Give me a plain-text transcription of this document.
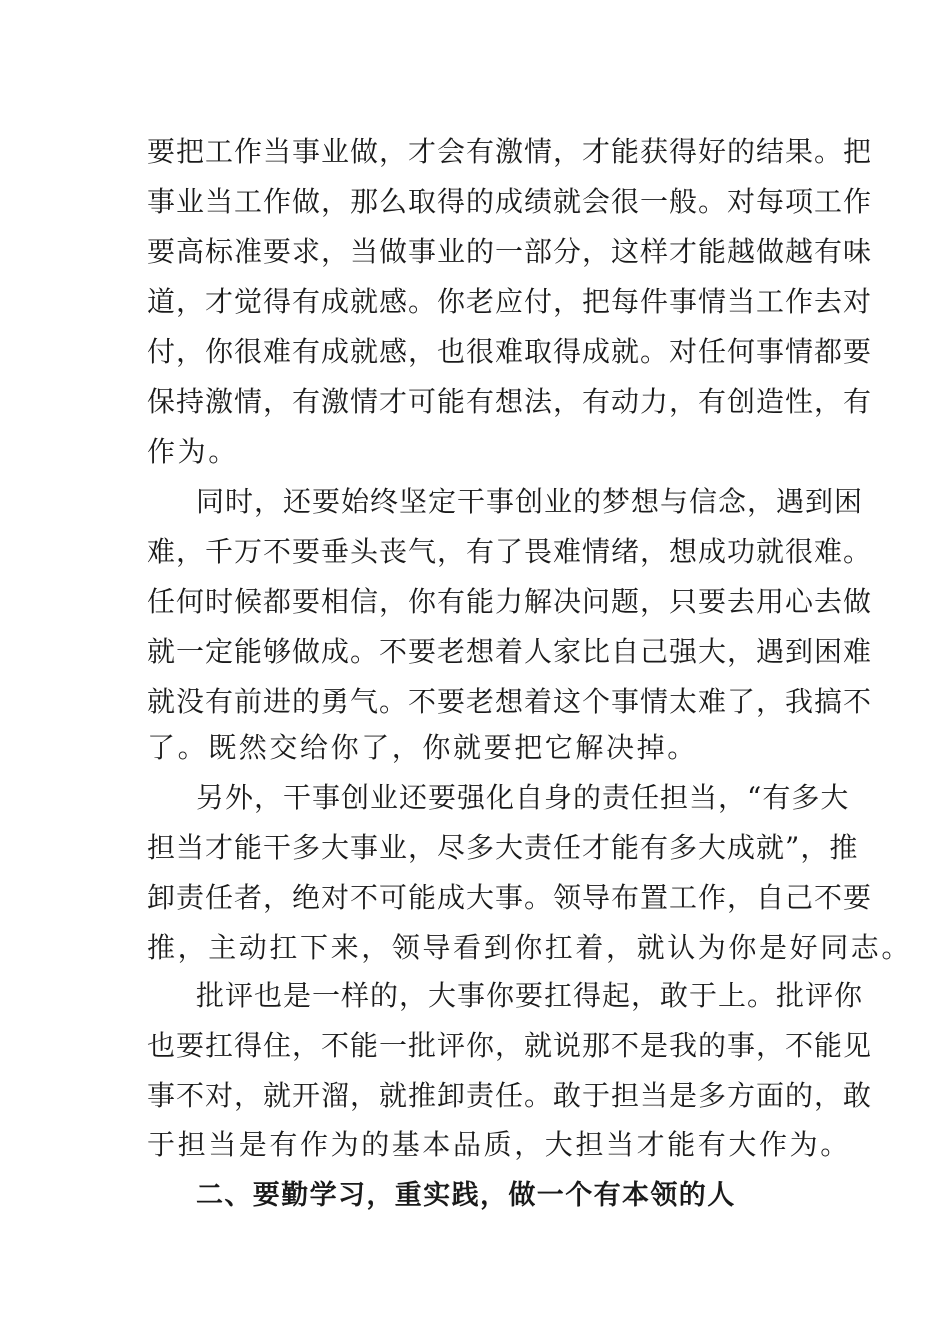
要把工作当事业做，才会有激情，才能获得好的结果。把
事业当工作做，那么取得的成绩就会很一般。对每项工作
要高标准要求，当做事业的一部分，这样才能越做越有味
道，才觉得有成就感。你老应付，把每件事情当工作去对
付，你很难有成就感，也很难取得成就。对任何事情都要
保持激情，有激情才可能有想法，有动力，有创造性，有
作为。
同时，还要始终坚定干事创业的梦想与信念，遇到困
难，千万不要垂头丧气，有了畏难情绪，想成功就很难。
任何时候都要相信，你有能力解决问题，只要去用心去做
就一定能够做成。不要老想着人家比自己强大，遇到困难
就没有前进的勇气。不要老想着这个事情太难了，我搞不
了。既然交给你了，你就要把它解决掉。
另外，干事创业还要强化自身的责任担当，“有多大
担当才能干多大事业，尽多大责任才能有多大成就”，推
卸责任者，绝对不可能成大事。领导布置工作，自己不要
推，主动扛下来，领导看到你扛着，就认为你是好同志。
批评也是一样的，大事你要扛得起，敢于上。批评你
也要扛得住，不能一批评你，就说那不是我的事，不能见
事不对，就开溜，就推卸责任。敢于担当是多方面的，敢
于担当是有作为的基本品质，大担当才能有大作为。
二、要勤学习，重实践，做一个有本领的人
